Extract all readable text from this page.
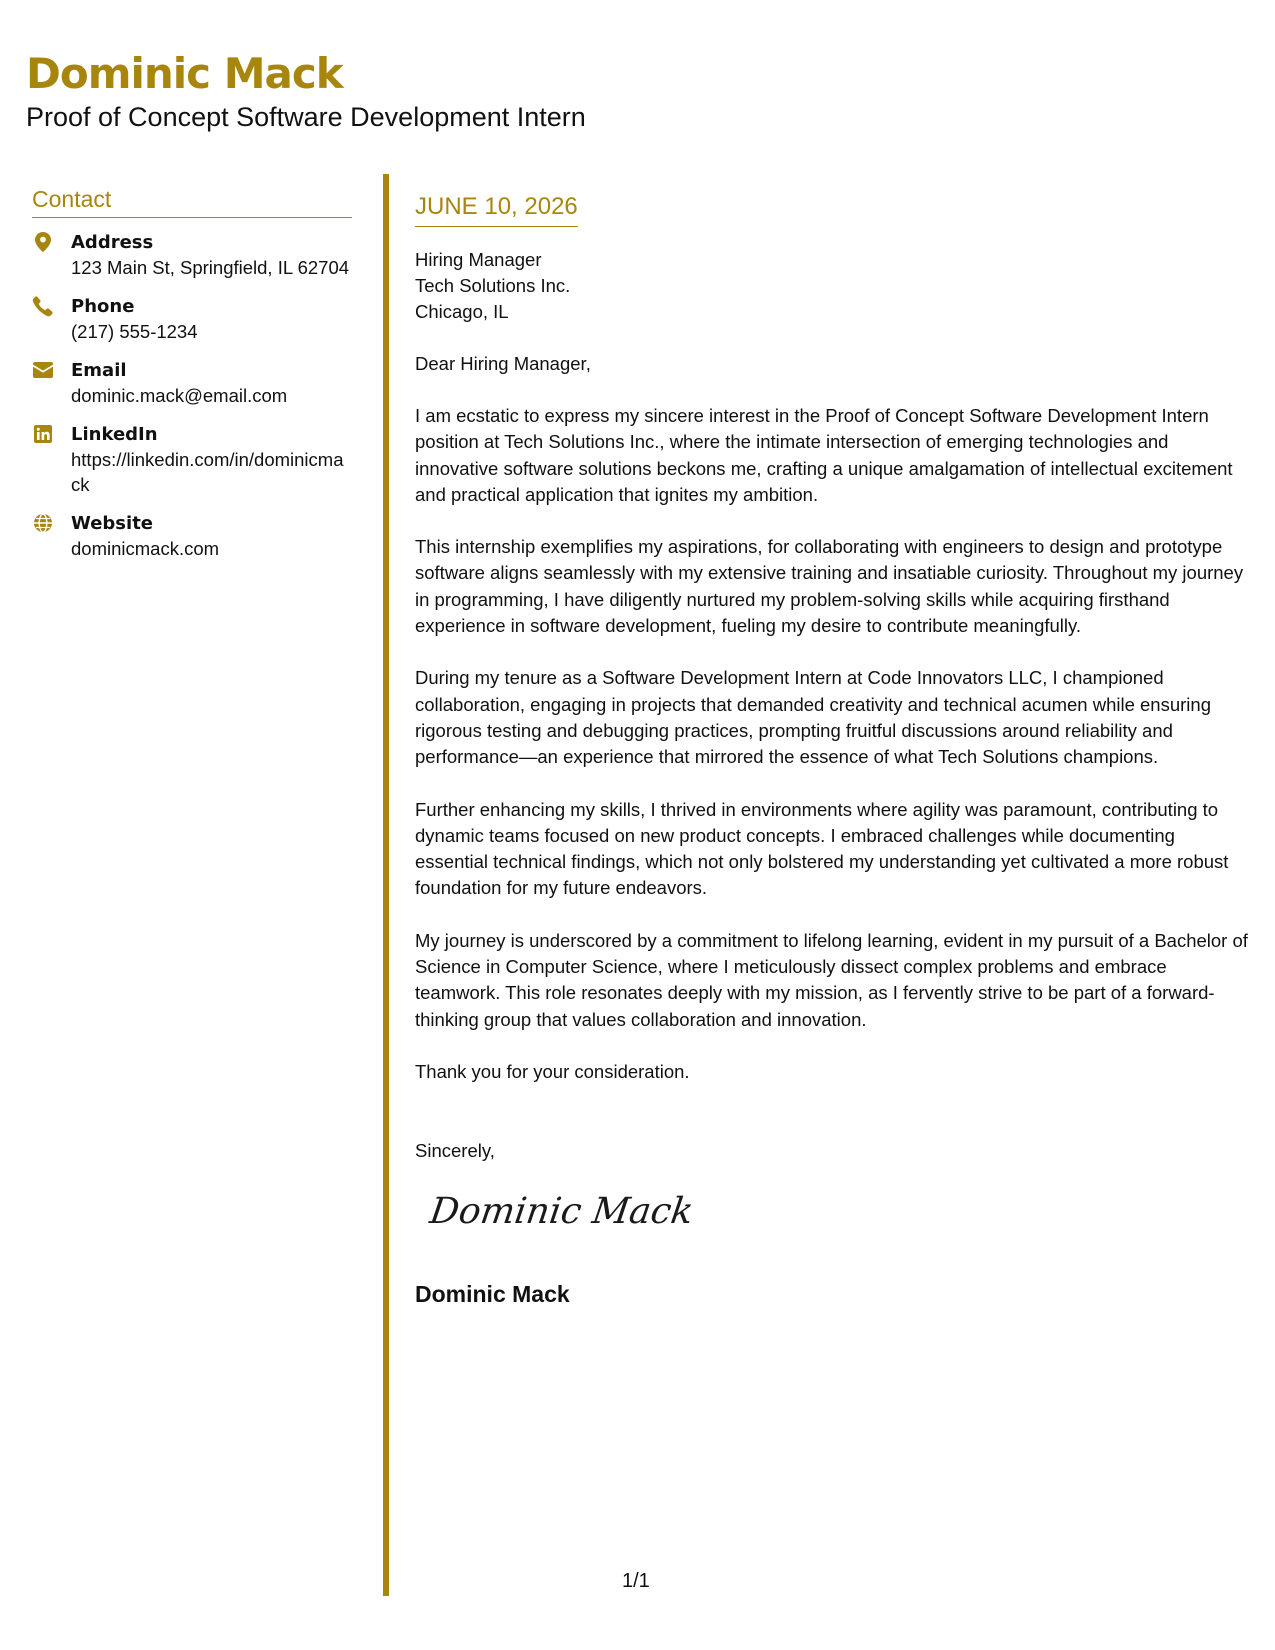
Dominic Mack

Proof of Concept Software Development Intern

Contact
Address
123 Main St, Springfield, IL 62704
Phone
(217) 555-1234
Email
dominic.mack@email.com
LinkedIn
https://linkedin.com/in/dominicmack
Website
dominicmack.com
JUNE 10, 2026
Hiring Manager
Tech Solutions Inc.
Chicago, IL
Dear Hiring Manager,

I am ecstatic to express my sincere interest in the Proof of Concept Software Development Intern position at Tech Solutions Inc., where the intimate intersection of emerging technologies and innovative software solutions beckons me, crafting a unique amalgamation of intellectual excitement and practical application that ignites my ambition.

This internship exemplifies my aspirations, for collaborating with engineers to design and prototype software aligns seamlessly with my extensive training and insatiable curiosity. Throughout my journey in programming, I have diligently nurtured my problem-solving skills while acquiring firsthand experience in software development, fueling my desire to contribute meaningfully.

During my tenure as a Software Development Intern at Code Innovators LLC, I championed collaboration, engaging in projects that demanded creativity and technical acumen while ensuring rigorous testing and debugging practices, prompting fruitful discussions around reliability and performance—an experience that mirrored the essence of what Tech Solutions champions.

Further enhancing my skills, I thrived in environments where agility was paramount, contributing to dynamic teams focused on new product concepts. I embraced challenges while documenting essential technical findings, which not only bolstered my understanding yet cultivated a more robust foundation for my future endeavors.

My journey is underscored by a commitment to lifelong learning, evident in my pursuit of a Bachelor of Science in Computer Science, where I meticulously dissect complex problems and embrace teamwork. This role resonates deeply with my mission, as I fervently strive to be part of a forward-thinking group that values collaboration and innovation.

Thank you for your consideration.

Sincerely,
Dominic Mack
Dominic Mack
1/1
